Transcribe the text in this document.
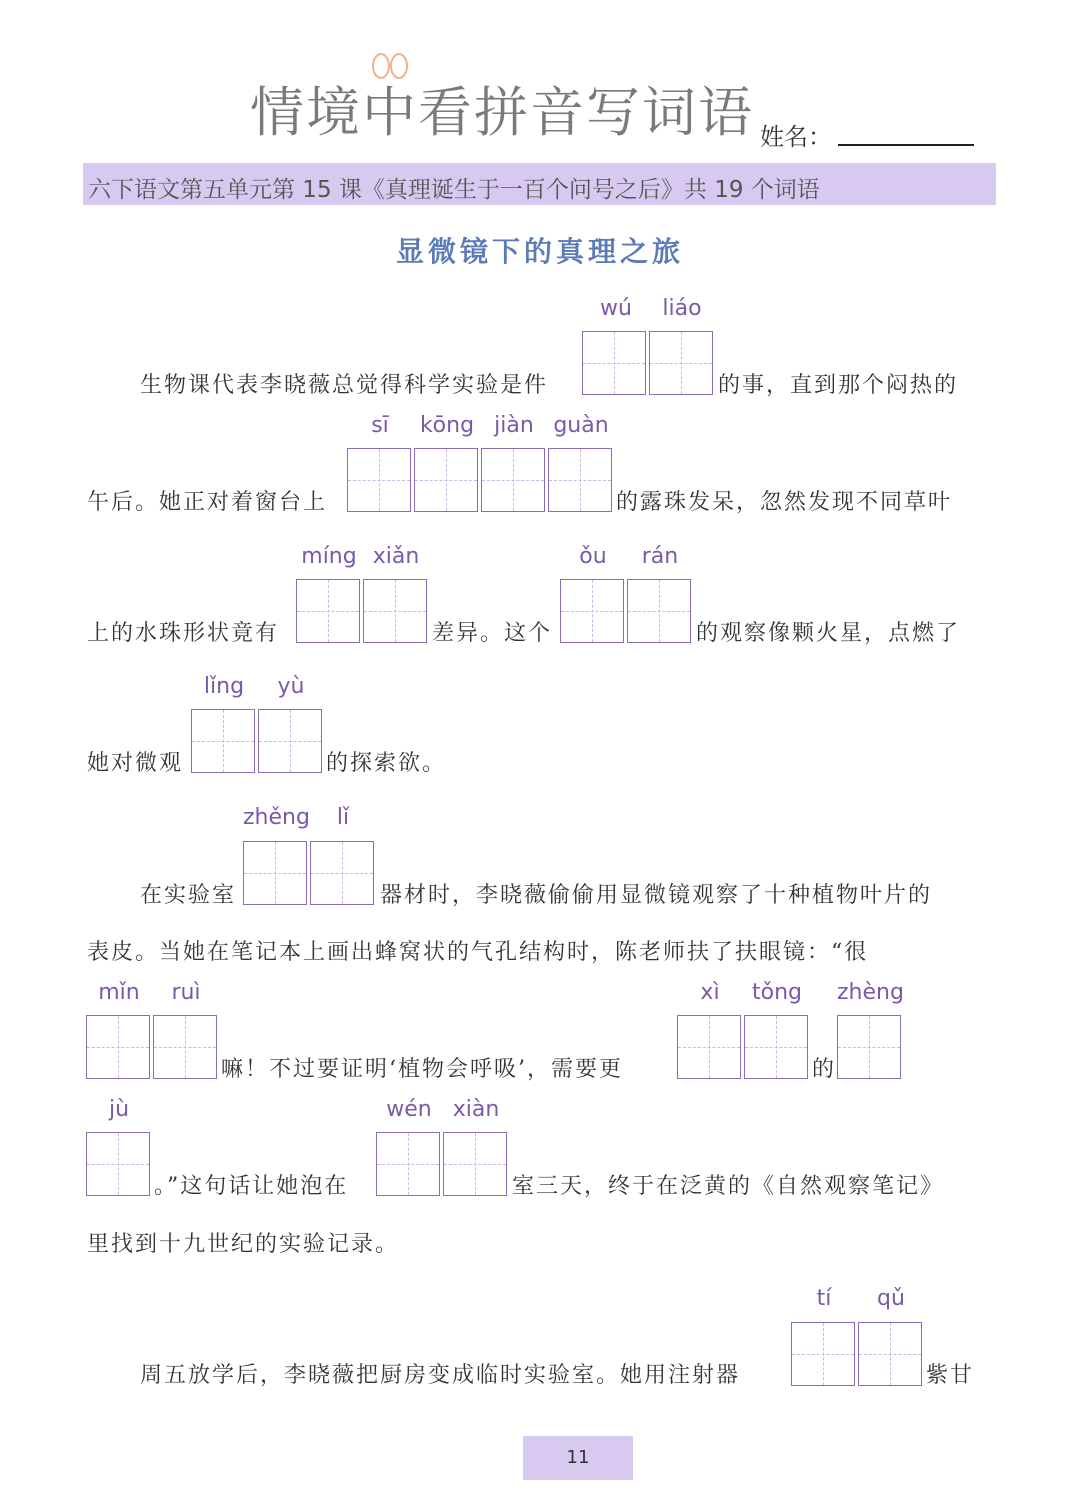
情境中看拼音写词语 姓名：
六下语文第五单元第 15 课《真理诞生于一百个问号之后》共 19 个词语
显微镜下的真理之旅
wú	liáo
生物课代表李晓薇总觉得科学实验是件	的事，直到那个闷热的
sī	kōng jiàn guàn
午后。她正对着窗台上	的露珠发呆，忽然发现不同草叶
míng xiǎn	ǒu	rán
上的水珠形状竟有	差异。这个	的观察像颗火星，点燃了
lǐng	yù
她对微观	的探索欲。
zhěng	lǐ
在实验室	器材时，李晓薇偷偷用显微镜观察了十种植物叶片的
表皮。当她在笔记本上画出蜂窝状的气孔结构时，陈老师扶了扶眼镜：“很
mǐn	ruì	xì	tǒng	zhèng
嘛！不过要证明‘植物会呼吸’，需要更	的
jù	wén xiàn
。”这句话让她泡在	室三天，终于在泛黄的《自然观察笔记》
里找到十九世纪的实验记录。
tí	qǔ
周五放学后，李晓薇把厨房变成临时实验室。她用注射器	紫甘
11
